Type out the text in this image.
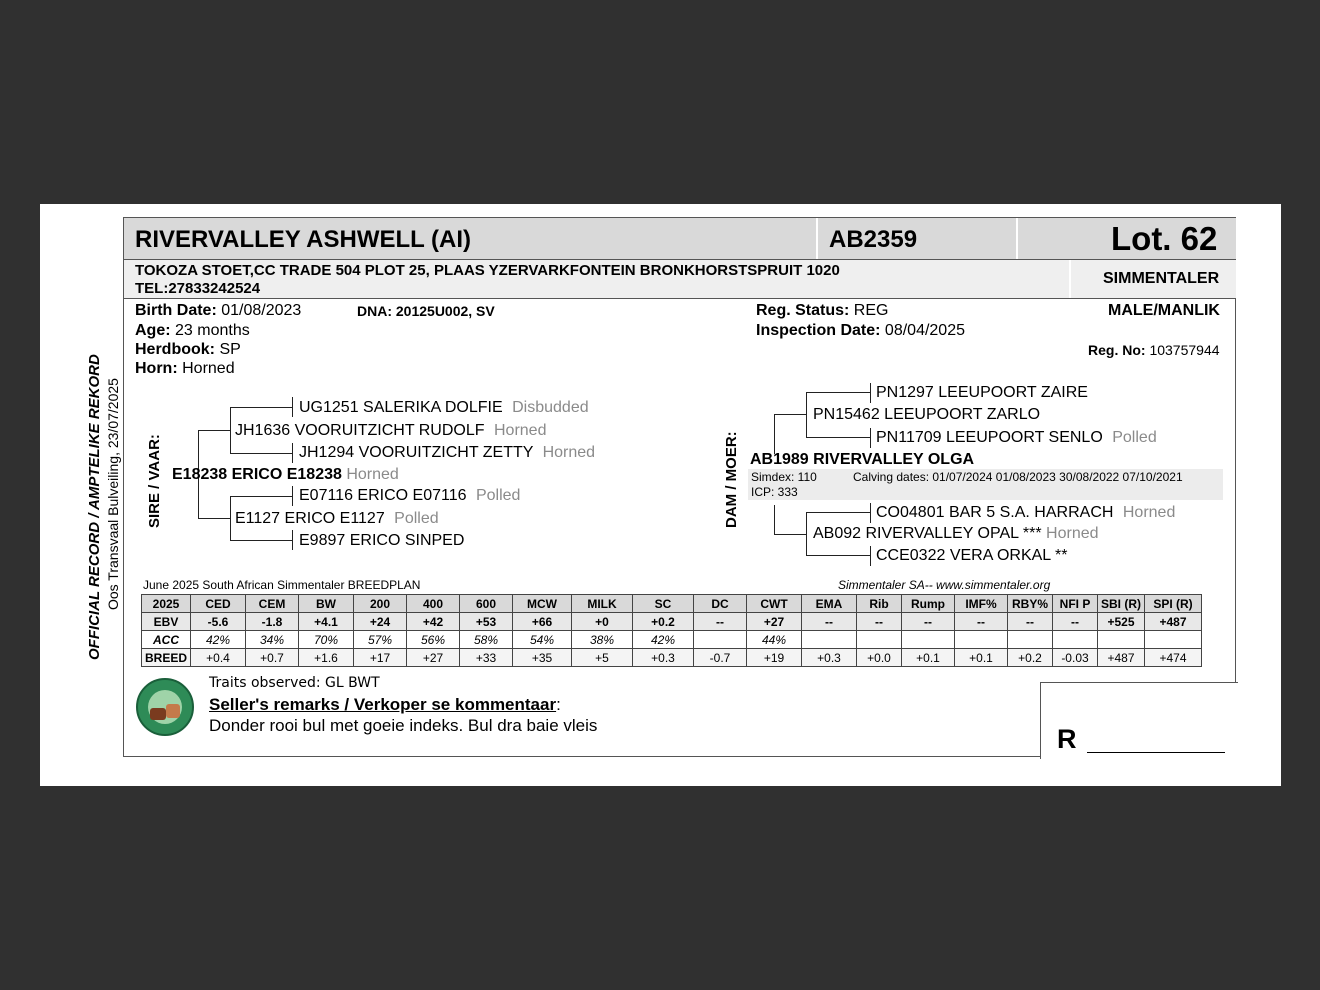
RIVERVALLEY ASHWELL (AI)	AB2359	Lot. 62
TOKOZA STOET,CC TRADE 504 PLOT 25, PLAAS YZERVARKFONTEIN BRONKHORSTSPRUIT 1020
TEL:27833242524
SIMMENTALER
Birth Date: 01/08/2023	DNA: 20125U002, SV
Age: 23 months
Herdbook: SP
Horn: Horned
Reg. Status: REG
Inspection Date: 08/04/2025
MALE/MANLIK
Reg. No: 103757944
OFFICIAL RECORD / AMPTELIKE REKORD Oos Transvaal Bulveiling, 23/07/2025 SIRE / VAAR:	DAM / MOER:
UG1251 SALERIKA DOLFIE Disbudded
JH1636 VOORUITZICHT RUDOLF Horned
JH1294 VOORUITZICHT ZETTY Horned
E18238 ERICO E18238 Horned
E07116 ERICO E07116 Polled
E1127 ERICO E1127 Polled
E9897 ERICO SINPED
PN1297 LEEUPOORT ZAIRE
PN15462 LEEUPOORT ZARLO
PN11709 LEEUPOORT SENLO Polled
AB1989 RIVERVALLEY OLGA
Simdex: 110	Calving dates: 01/07/2024 01/08/2023 30/08/2022 07/10/2021
ICP: 333
CO04801 BAR 5 S.A. HARRACH Horned
AB092 RIVERVALLEY OPAL *** Horned
CCE0322 VERA ORKAL **
June 2025 South African Simmentaler BREEDPLAN	Simmentaler SA-- www.simmentaler.org
2025	CED	CEM	BW	200	400	600	MCW	MILK	SC	DC	CWT	EMA	Rib	Rump	IMF%	RBY%	NFI P	SBI (R)	SPI (R)
EBV	-5.6	-1.8	+4.1	+24	+42	+53	+66	+0	+0.2	--	+27	--	--	--	--	--	--	+525	+487
ACC	42%	34%	70%	57%	56%	58%	54%	38%	42%		44%								
BREED	+0.4	+0.7	+1.6	+17	+27	+33	+35	+5	+0.3	-0.7	+19	+0.3	+0.0	+0.1	+0.1	+0.2	-0.03	+487	+474
Traits observed: GL BWT
Seller's remarks / Verkoper se kommentaar:
Donder rooi bul met goeie indeks. Bul dra baie vleis	R
